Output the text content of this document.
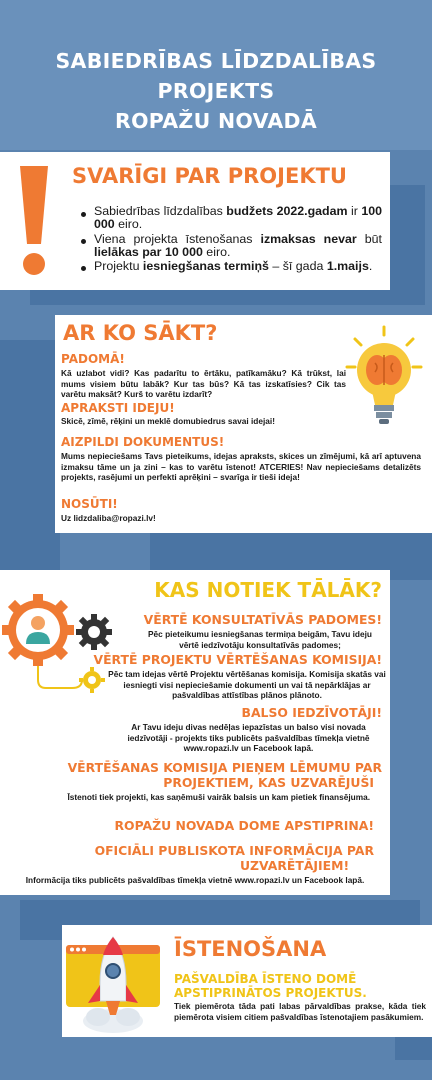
SABIEDRĪBAS LĪDZDALĪBAS
PROJEKTS
ROPAŽU NOVADĀ
SVARĪGI PAR PROJEKTU
Sabiedrības līdzdalības budžets 2022.gadam ir 100 000 eiro.
Viena projekta īstenošanas izmaksas nevar būt lielākas par 10 000 eiro.
Projektu iesniegšanas termiņš – šī gada 1.maijs.
AR KO SĀKT?
PADOMĀ!
Kā uzlabot vidi? Kas padarītu to ērtāku, patīkamāku? Kā trūkst, lai mums visiem būtu labāk? Kur tas būs? Kā tas izskatīsies? Cik tas varētu maksāt? Kurš to varētu izdarīt?
APRAKSTI IDEJU!
Skicē, zīmē, rēķini un meklē domubiedrus savai idejai!
AIZPILDI DOKUMENTUS!
Mums nepieciešams Tavs pieteikums, idejas apraksts, skices un zīmējumi, kā arī aptuvena izmaksu tāme un ja zini – kas to varētu īstenot! ATCERIES! Nav nepieciešams detalizēts projekts, rasējumi un perfekti aprēķini – svarīga ir tieši ideja!
NOSŪTI!
Uz lidzdaliba@ropazi.lv!
KAS NOTIEK TĀLĀK?
VĒRTĒ KONSULTATĪVĀS PADOMES!
Pēc pieteikumu iesniegšanas termiņa beigām, Tavu ideju vērtē iedzīvotāju konsultatīvās padomes;
VĒRTĒ PROJEKTU VĒRTĒŠANAS KOMISIJA!
Pēc tam idejas vērtē Projektu vērtēšanas komisija. Komisija skatās vai iesniegti visi nepieciešamie dokumenti un vai tā nepārklājas ar pašvaldības attīstības plānos plānoto.
BALSO IEDZĪVOTĀJI!
Ar Tavu ideju divas nedēļas iepazīstas un balso visi novada iedzīvotāji - projekts tiks publicēts pašvaldības tīmekļa vietnē www.ropazi.lv un Facebook lapā.
VĒRTĒŠANAS KOMISIJA PIEŅEM LĒMUMU PAR
PROJEKTIEM, KAS UZVARĒJUŠI
Īstenoti tiek projekti, kas saņēmuši vairāk balsis un kam pietiek finansējuma.
ROPAŽU NOVADA DOME APSTIPRINA!
OFICIĀLI PUBLISKOTA INFORMĀCIJA PAR
UZVARĒTĀJIEM!
Informācija tiks publicēts pašvaldības tīmekļa vietnē www.ropazi.lv un Facebook lapā.
ĪSTENOŠANA
PAŠVALDĪBA ĪSTENO DOMĒ
APSTIPRINĀTOS PROJEKTUS.
Tiek piemērota tāda pati labas pārvaldības prakse, kāda tiek piemērota visiem citiem pašvaldības īstenotajiem pasākumiem.
